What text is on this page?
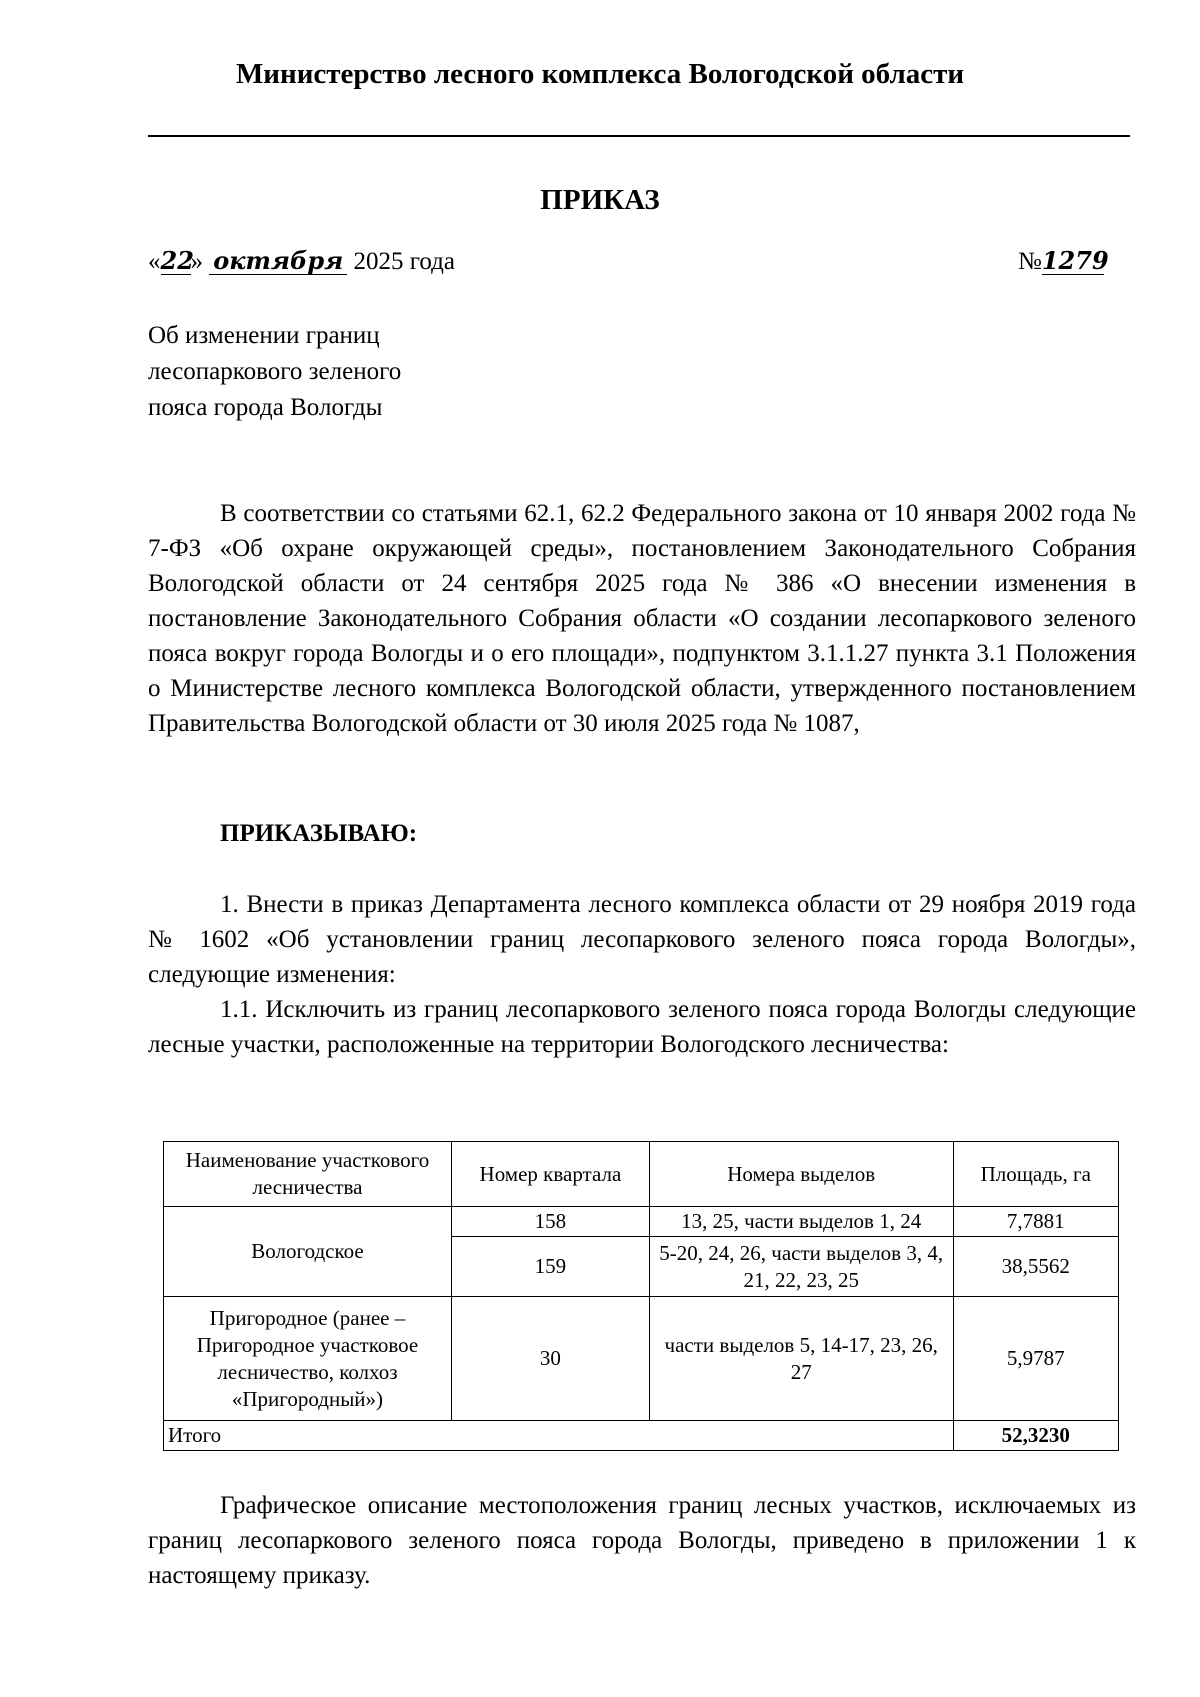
Министерство лесного комплекса Вологодской области
ПРИКАЗ
«22» октября 2025 года	№1279
Об изменении границ
лесопаркового зеленого
пояса города Вологды

В соответствии со статьями 62.1, 62.2 Федерального закона от 10 января 2002 года № 7-ФЗ «Об охране окружающей среды», постановлением Законодательного Собрания Вологодской области от 24 сентября 2025 года № 386 «О внесении изменения в постановление Законодательного Собрания области «О создании лесопаркового зеленого пояса вокруг города Вологды и о его площади», подпунктом 3.1.1.27 пункта 3.1 Положения о Министерстве лесного комплекса Вологодской области, утвержденного постановлением Правительства Вологодской области от 30 июля 2025 года № 1087,

ПРИКАЗЫВАЮ:

1. Внести в приказ Департамента лесного комплекса области от 29 ноября 2019 года № 1602 «Об установлении границ лесопаркового зеленого пояса города Вологды», следующие изменения:

1.1. Исключить из границ лесопаркового зеленого пояса города Вологды следующие лесные участки, расположенные на территории Вологодского лесничества:

Наименование участкового лесничества	Номер квартала	Номера выделов	Площадь, га
Вологодское	158	13, 25, части выделов 1, 24	7,7881
	159	5-20, 24, 26, части выделов 3, 4, 21, 22, 23, 25	38,5562
Пригородное (ранее – Пригородное участковое лесничество, колхоз «Пригородный»)	30	части выделов 5, 14-17, 23, 26, 27	5,9787
Итого			52,3230

Графическое описание местоположения границ лесных участков, исключаемых из границ лесопаркового зеленого пояса города Вологды, приведено в приложении 1 к настоящему приказу.
